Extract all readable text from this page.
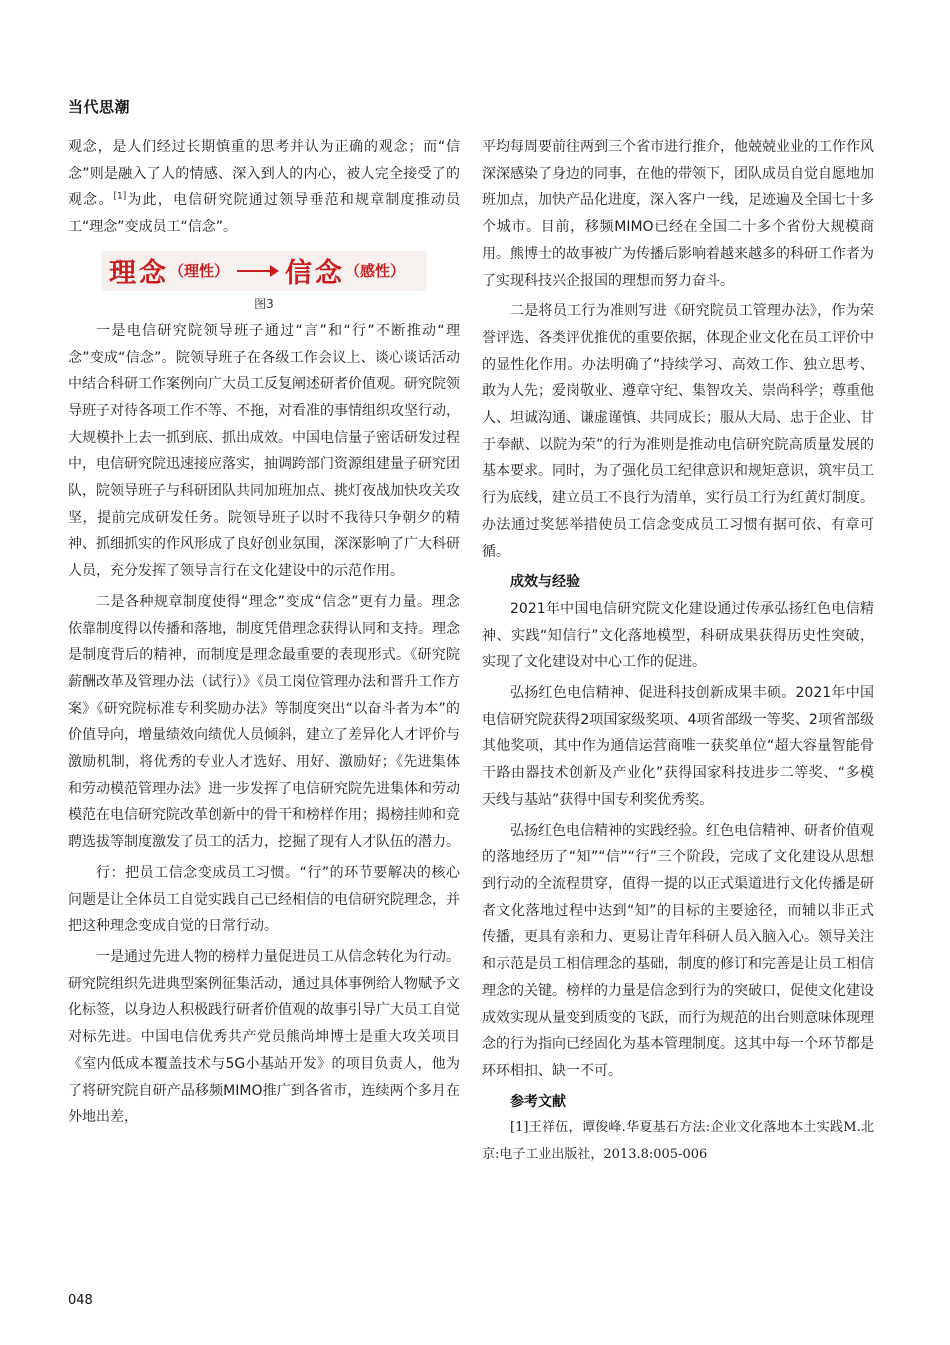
当代思潮

观念，是人们经过长期慎重的思考并认为正确的观念；而“信念”则是融入了人的情感、深入到人的内心，被人完全接受了的观念。[1]为此，电信研究院通过领导垂范和规章制度推动员工“理念”变成员工“信念”。

理念 （理性） 信念 （感性）
图3

一是电信研究院领导班子通过“言”和“行”不断推动“理念”变成“信念”。院领导班子在各级工作会议上、谈心谈话活动中结合科研工作案例向广大员工反复阐述研者价值观。研究院领导班子对待各项工作不等、不拖，对看准的事情组织攻坚行动，大规模扑上去一抓到底、抓出成效。中国电信量子密话研发过程中，电信研究院迅速接应落实，抽调跨部门资源组建量子研究团队，院领导班子与科研团队共同加班加点、挑灯夜战加快攻关攻坚，提前完成研发任务。院领导班子以时不我待只争朝夕的精神、抓细抓实的作风形成了良好创业氛围，深深影响了广大科研人员，充分发挥了领导言行在文化建设中的示范作用。

二是各种规章制度使得“理念”变成“信念”更有力量。理念依靠制度得以传播和落地，制度凭借理念获得认同和支持。理念是制度背后的精神，而制度是理念最重要的表现形式。《研究院薪酬改革及管理办法（试行）》《员工岗位管理办法和晋升工作方案》《研究院标准专利奖励办法》等制度突出“以奋斗者为本”的价值导向，增量绩效向绩优人员倾斜，建立了差异化人才评价与激励机制，将优秀的专业人才选好、用好、激励好；《先进集体和劳动模范管理办法》进一步发挥了电信研究院先进集体和劳动模范在电信研究院改革创新中的骨干和榜样作用；揭榜挂帅和竞聘选拔等制度激发了员工的活力，挖掘了现有人才队伍的潜力。

行：把员工信念变成员工习惯。“行”的环节要解决的核心问题是让全体员工自觉实践自己已经相信的电信研究院理念，并把这种理念变成自觉的日常行动。

一是通过先进人物的榜样力量促进员工从信念转化为行动。研究院组织先进典型案例征集活动，通过具体事例给人物赋予文化标签，以身边人积极践行研者价值观的故事引导广大员工自觉对标先进。中国电信优秀共产党员熊尚坤博士是重大攻关项目《室内低成本覆盖技术与5G小基站开发》的项目负责人，他为了将研究院自研产品移频MIMO推广到各省市，连续两个多月在外地出差，

平均每周要前往两到三个省市进行推介，他兢兢业业的工作作风深深感染了身边的同事，在他的带领下，团队成员自觉自愿地加班加点，加快产品化进度，深入客户一线，足迹遍及全国七十多个城市。目前，移频MIMO已经在全国二十多个省份大规模商用。熊博士的故事被广为传播后影响着越来越多的科研工作者为了实现科技兴企报国的理想而努力奋斗。

二是将员工行为准则写进《研究院员工管理办法》，作为荣誉评选、各类评优推优的重要依据，体现企业文化在员工评价中的显性化作用。办法明确了“持续学习、高效工作、独立思考、敢为人先；爱岗敬业、遵章守纪、集智攻关、崇尚科学；尊重他人、坦诚沟通、谦虚谨慎、共同成长；服从大局、忠于企业、甘于奉献、以院为荣”的行为准则是推动电信研究院高质量发展的基本要求。同时，为了强化员工纪律意识和规矩意识，筑牢员工行为底线，建立员工不良行为清单，实行员工行为红黄灯制度。办法通过奖惩举措使员工信念变成员工习惯有据可依、有章可循。

成效与经验

2021年中国电信研究院文化建设通过传承弘扬红色电信精神、实践“知信行”文化落地模型，科研成果获得历史性突破，实现了文化建设对中心工作的促进。

弘扬红色电信精神、促进科技创新成果丰硕。2021年中国电信研究院获得2项国家级奖项、4项省部级一等奖、2项省部级其他奖项，其中作为通信运营商唯一获奖单位“超大容量智能骨干路由器技术创新及产业化”获得国家科技进步二等奖、“多模天线与基站”获得中国专利奖优秀奖。

弘扬红色电信精神的实践经验。红色电信精神、研者价值观的落地经历了“知”“信”“行”三个阶段，完成了文化建设从思想到行动的全流程贯穿，值得一提的以正式渠道进行文化传播是研者文化落地过程中达到“知”的目标的主要途径，而辅以非正式传播，更具有亲和力、更易让青年科研人员入脑入心。领导关注和示范是员工相信理念的基础，制度的修订和完善是让员工相信理念的关键。榜样的力量是信念到行为的突破口，促使文化建设成效实现从量变到质变的飞跃，而行为规范的出台则意味体现理念的行为指向已经固化为基本管理制度。这其中每一个环节都是环环相扣、缺一不可。

参考文献

[1]王祥伍，谭俊峰.华夏基石方法:企业文化落地本土实践M.北京:电子工业出版社，2013.8:005-006

048
